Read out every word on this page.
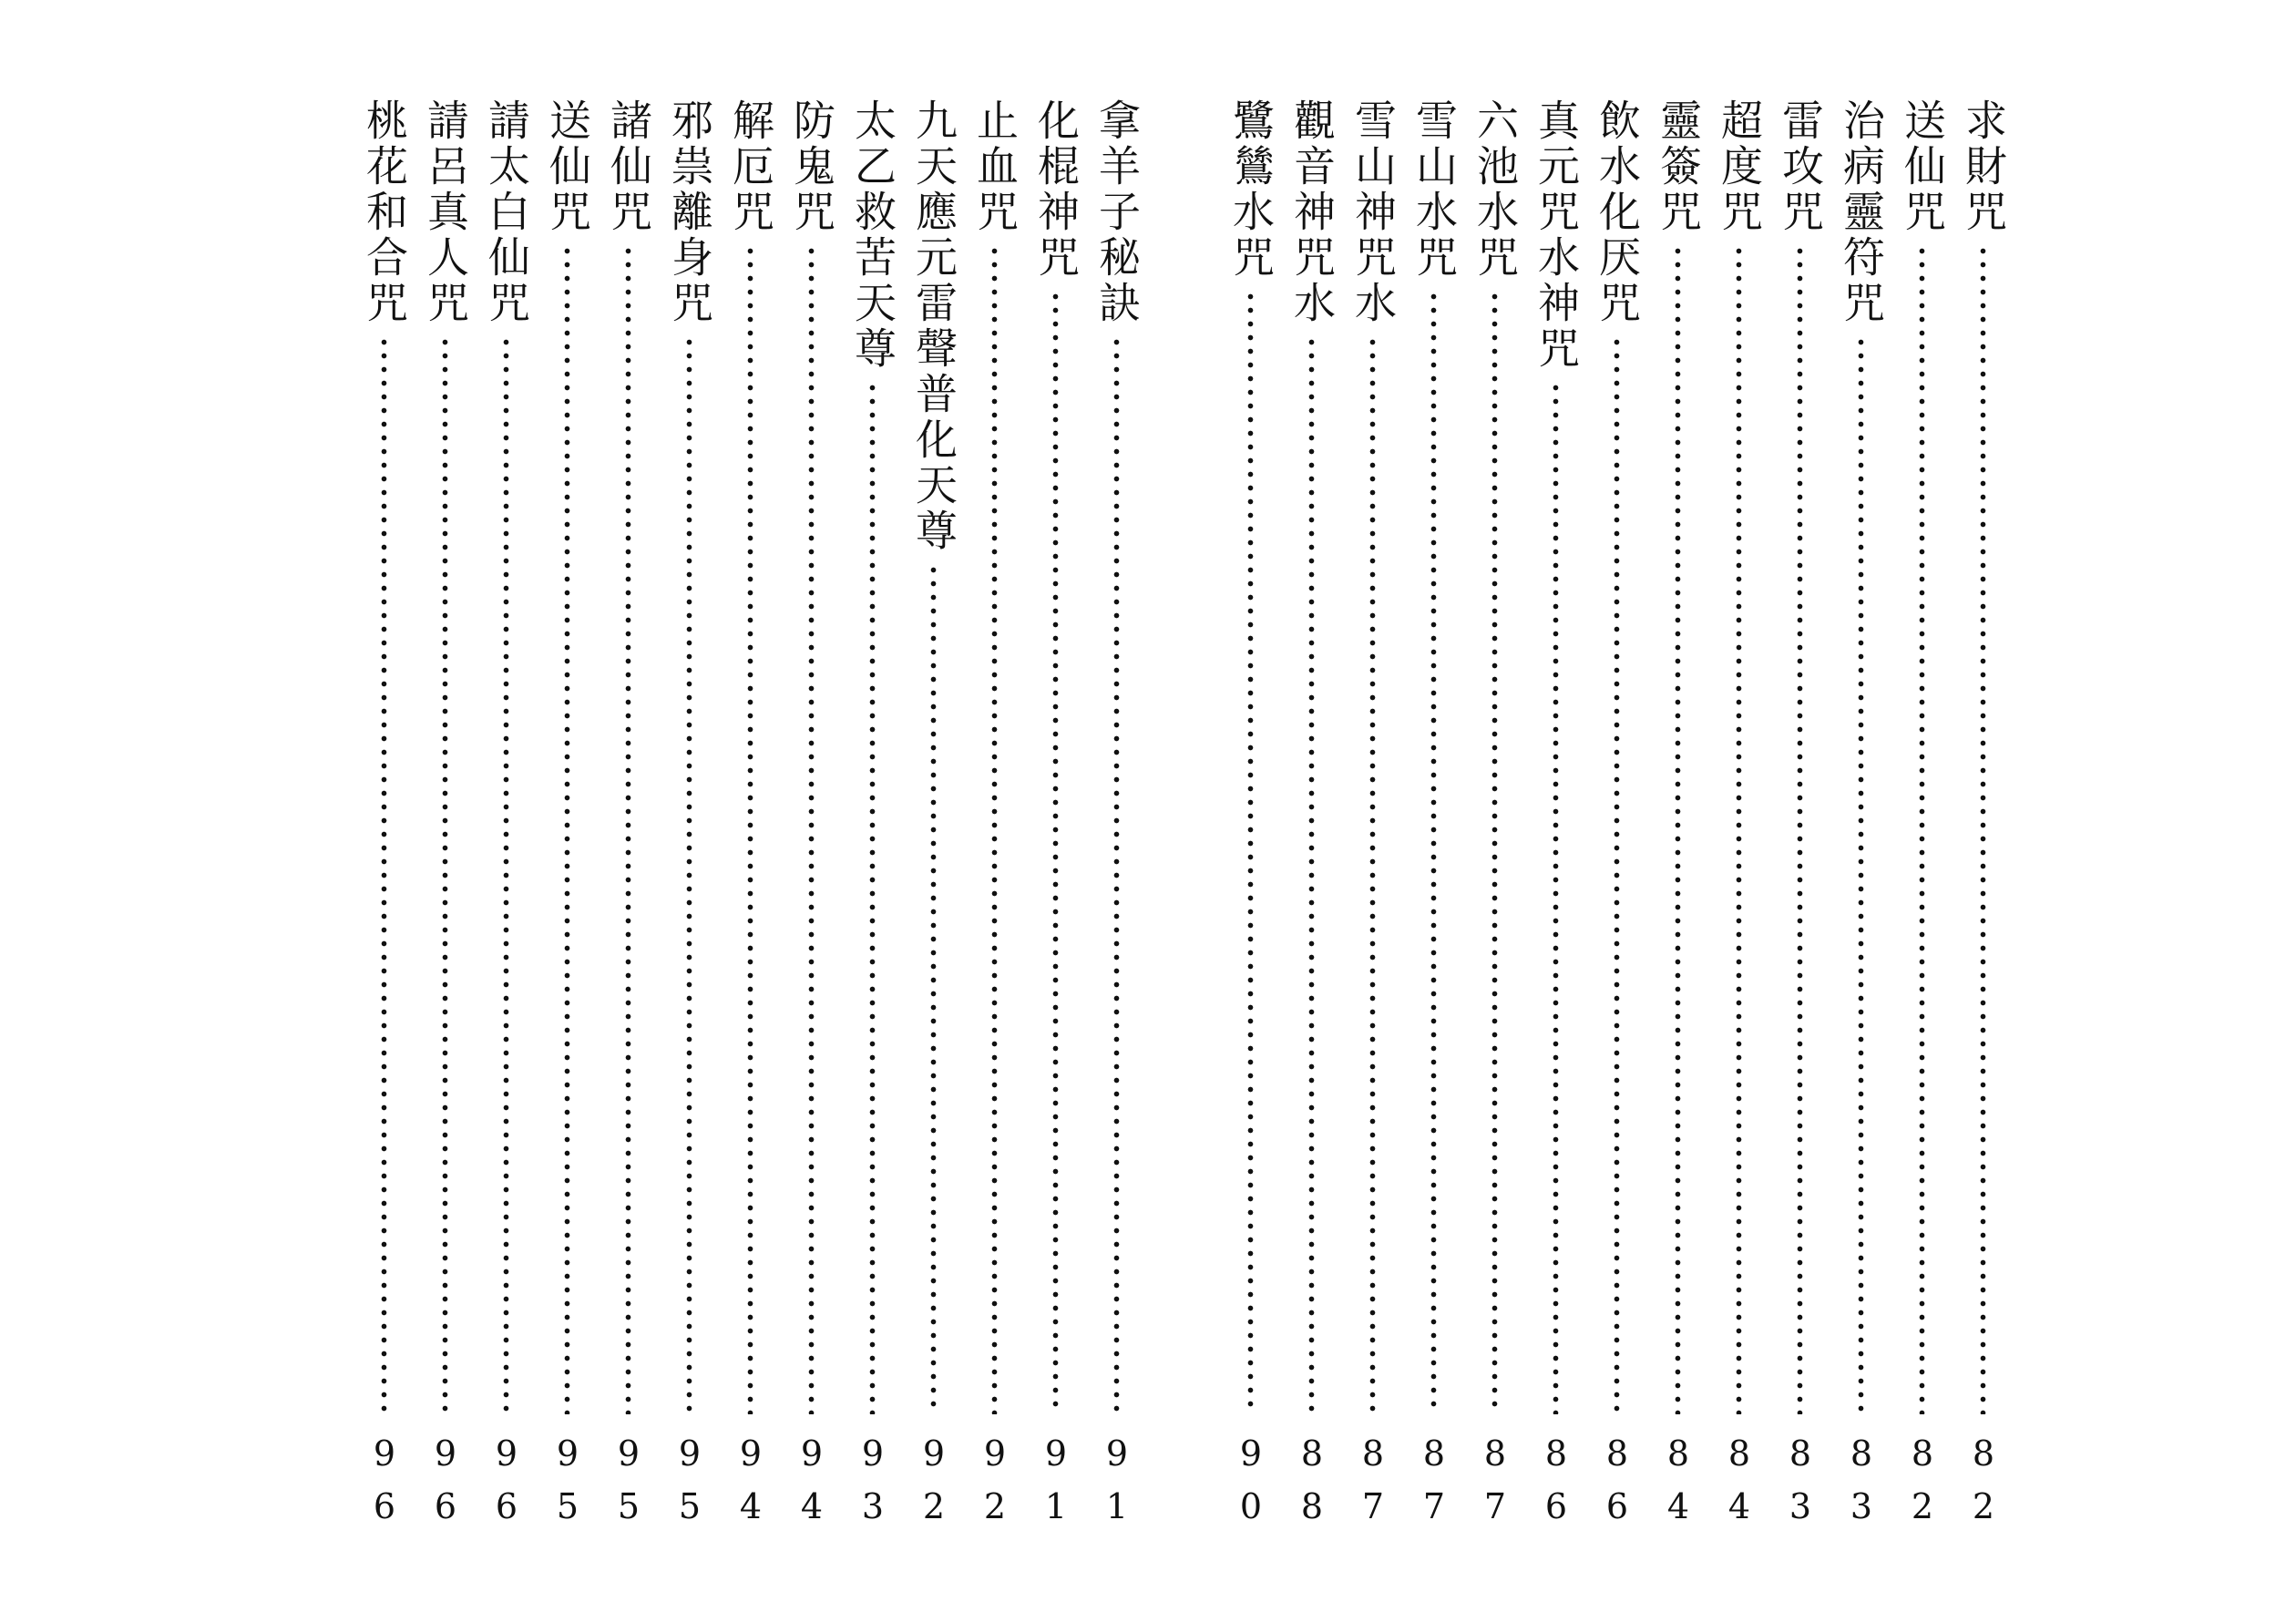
求財咒
82
送仙咒
82
治病靈符咒
83
雷攻咒
83
超度咒
84
靈簽咒
84
飲水化厌咒
86
真元咒水神咒
86
六池水咒
87
雪山水咒
87
雪山神咒水
87
觀音神咒水
88
鷺鷥水咒
90
拿羊子秘訣
91
化棍神咒
91
止血咒
92
九天應元雷聲普化天尊
92
太乙救苦天尊
93
防鬼咒
94
解厄咒
94
邪祟離身咒
95
諸仙咒
95
送仙咒
95
請太白仙咒
96
請呂真人咒
96
桃花和合咒
96
